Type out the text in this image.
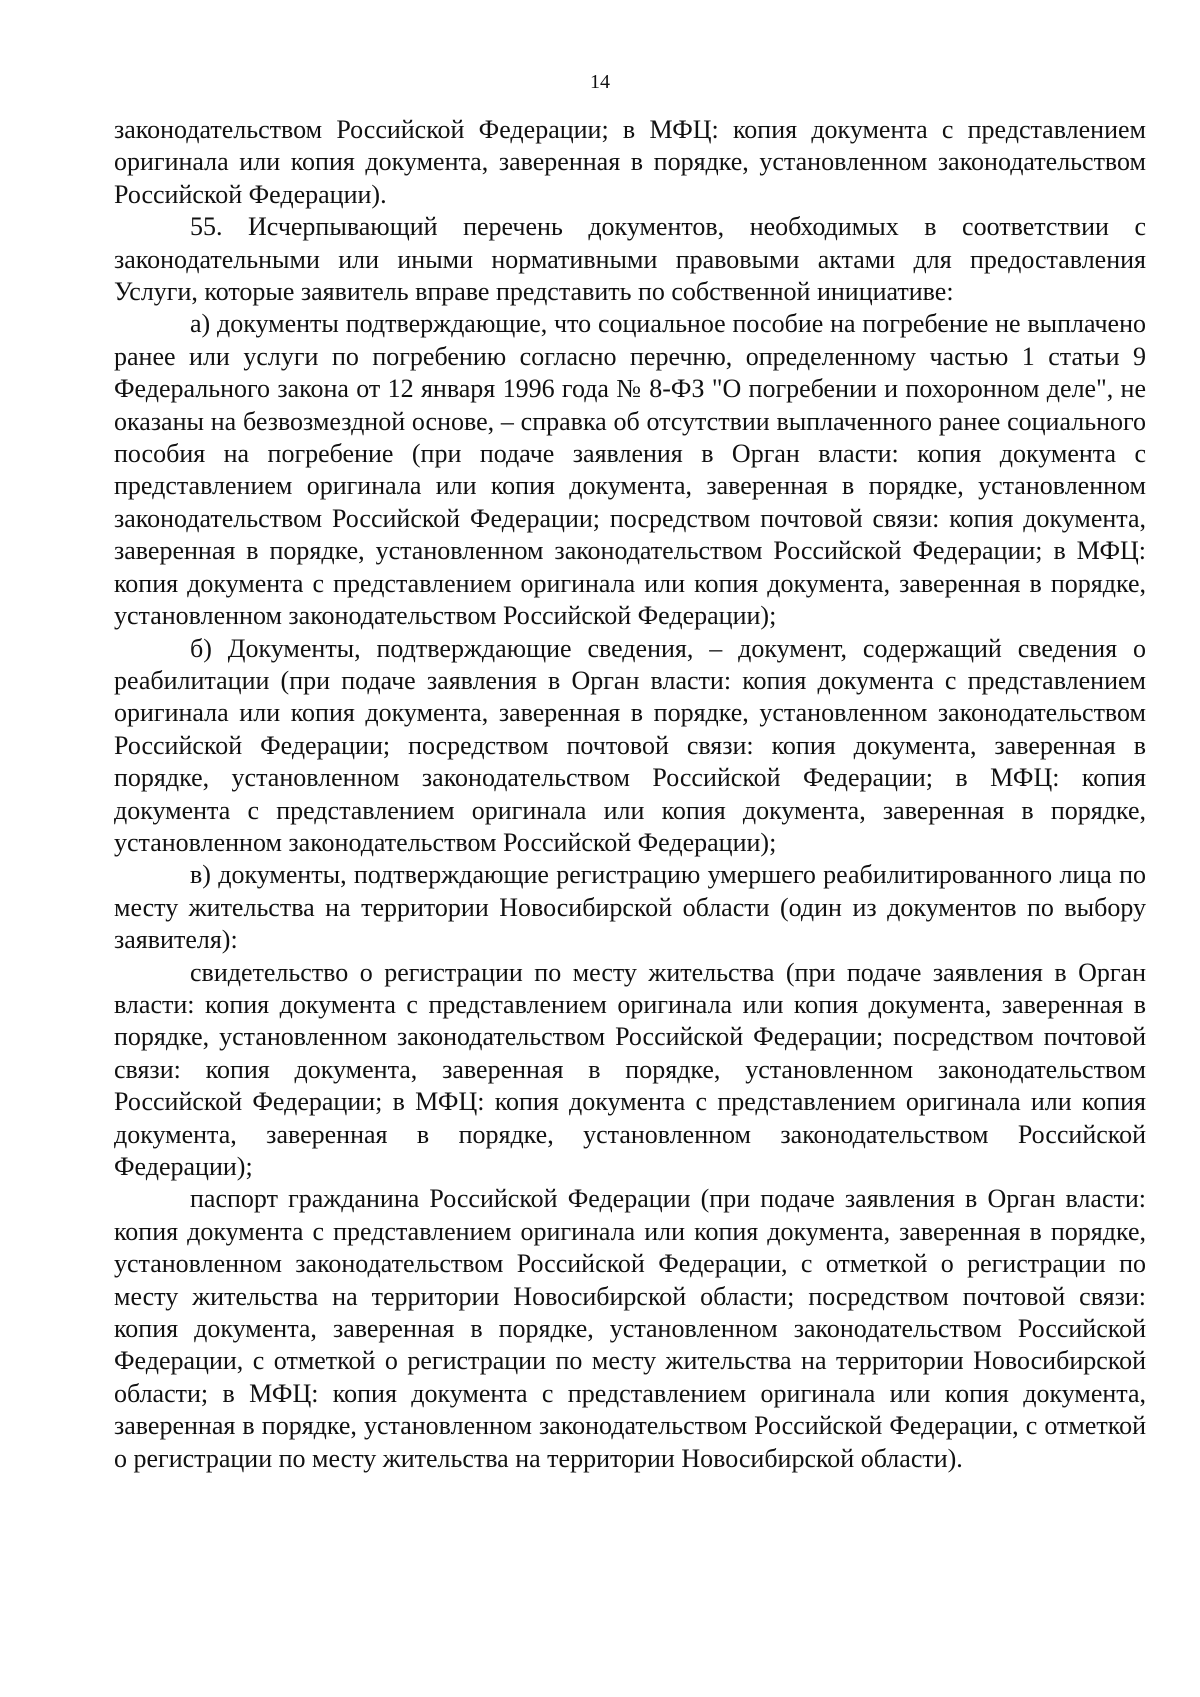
14

законодательством Российской Федерации; в МФЦ: копия документа с представлением оригинала или копия документа, заверенная в порядке, установленном законодательством Российской Федерации).

55. Исчерпывающий перечень документов, необходимых в соответствии с законодательными или иными нормативными правовыми актами для предоставления Услуги, которые заявитель вправе представить по собственной инициативе:

а) документы подтверждающие, что социальное пособие на погребение не выплачено ранее или услуги по погребению согласно перечню, определенному частью 1 статьи 9 Федерального закона от 12 января 1996 года № 8-ФЗ "О погребении и похоронном деле", не оказаны на безвозмездной основе, – справка об отсутствии выплаченного ранее социального пособия на погребение (при подаче заявления в Орган власти: копия документа с представлением оригинала или копия документа, заверенная в порядке, установленном законодательством Российской Федерации; посредством почтовой связи: копия документа, заверенная в порядке, установленном законодательством Российской Федерации; в МФЦ: копия документа с представлением оригинала или копия документа, заверенная в порядке, установленном законодательством Российской Федерации);

б) Документы, подтверждающие сведения, – документ, содержащий сведения о реабилитации (при подаче заявления в Орган власти: копия документа с представлением оригинала или копия документа, заверенная в порядке, установленном законодательством Российской Федерации; посредством почтовой связи: копия документа, заверенная в порядке, установленном законодательством Российской Федерации; в МФЦ: копия документа с представлением оригинала или копия документа, заверенная в порядке, установленном законодательством Российской Федерации);

в) документы, подтверждающие регистрацию умершего реабилитированного лица по месту жительства на территории Новосибирской области (один из документов по выбору заявителя):

свидетельство о регистрации по месту жительства (при подаче заявления в Орган власти: копия документа с представлением оригинала или копия документа, заверенная в порядке, установленном законодательством Российской Федерации; посредством почтовой связи: копия документа, заверенная в порядке, установленном законодательством Российской Федерации; в МФЦ: копия документа с представлением оригинала или копия документа, заверенная в порядке, установленном законодательством Российской Федерации);

паспорт гражданина Российской Федерации (при подаче заявления в Орган власти: копия документа с представлением оригинала или копия документа, заверенная в порядке, установленном законодательством Российской Федерации, с отметкой о регистрации по месту жительства на территории Новосибирской области; посредством почтовой связи: копия документа, заверенная в порядке, установленном законодательством Российской Федерации, с отметкой о регистрации по месту жительства на территории Новосибирской области; в МФЦ: копия документа с представлением оригинала или копия документа, заверенная в порядке, установленном законодательством Российской Федерации, с отметкой о регистрации по месту жительства на территории Новосибирской области).
